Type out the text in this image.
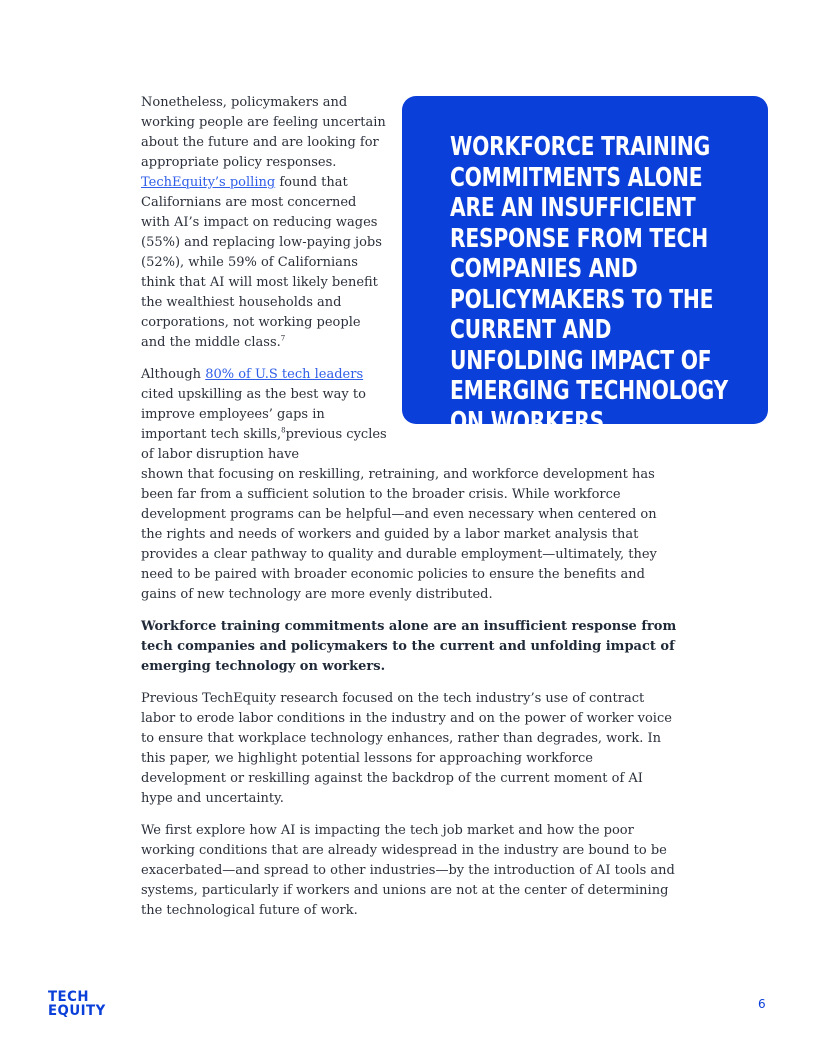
Nonetheless, policymakers and working people are feeling uncertain about the future and are looking for appropriate policy responses. TechEquity’s polling found that Californians are most concerned with AI’s impact on reducing wages (55%) and replacing low-paying jobs (52%), while 59% of Californians think that AI will most likely benefit the wealthiest households and corporations, not working people and the middle class.$^7$

Although 80% of U.S tech leaders cited upskilling as the best way to improve employees’ gaps in important tech skills,$^8$previous cycles of labor disruption have

WORKFORCE TRAINING COMMITMENTS ALONE ARE AN INSUFFICIENT RESPONSE FROM TECH COMPANIES AND POLICYMAKERS TO THE CURRENT AND UNFOLDING IMPACT OF EMERGING TECHNOLOGY ON WORKERS.

shown that focusing on reskilling, retraining, and workforce development has been far from a sufficient solution to the broader crisis. While workforce development programs can be helpful—and even necessary when centered on the rights and needs of workers and guided by a labor market analysis that provides a clear pathway to quality and durable employment—ultimately, they need to be paired with broader economic policies to ensure the benefits and gains of new technology are more evenly distributed.

Workforce training commitments alone are an insufficient response from tech companies and policymakers to the current and unfolding impact of emerging technology on workers.

Previous TechEquity research focused on the tech industry’s use of contract labor to erode labor conditions in the industry and on the power of worker voice to ensure that workplace technology enhances, rather than degrades, work. In this paper, we highlight potential lessons for approaching workforce development or reskilling against the backdrop of the current moment of AI hype and uncertainty.

We first explore how AI is impacting the tech job market and how the poor working conditions that are already widespread in the industry are bound to be exacerbated—and spread to other industries—by the introduction of AI tools and systems, particularly if workers and unions are not at the center of determining the technological future of work.

TECH
EQUITY	6
